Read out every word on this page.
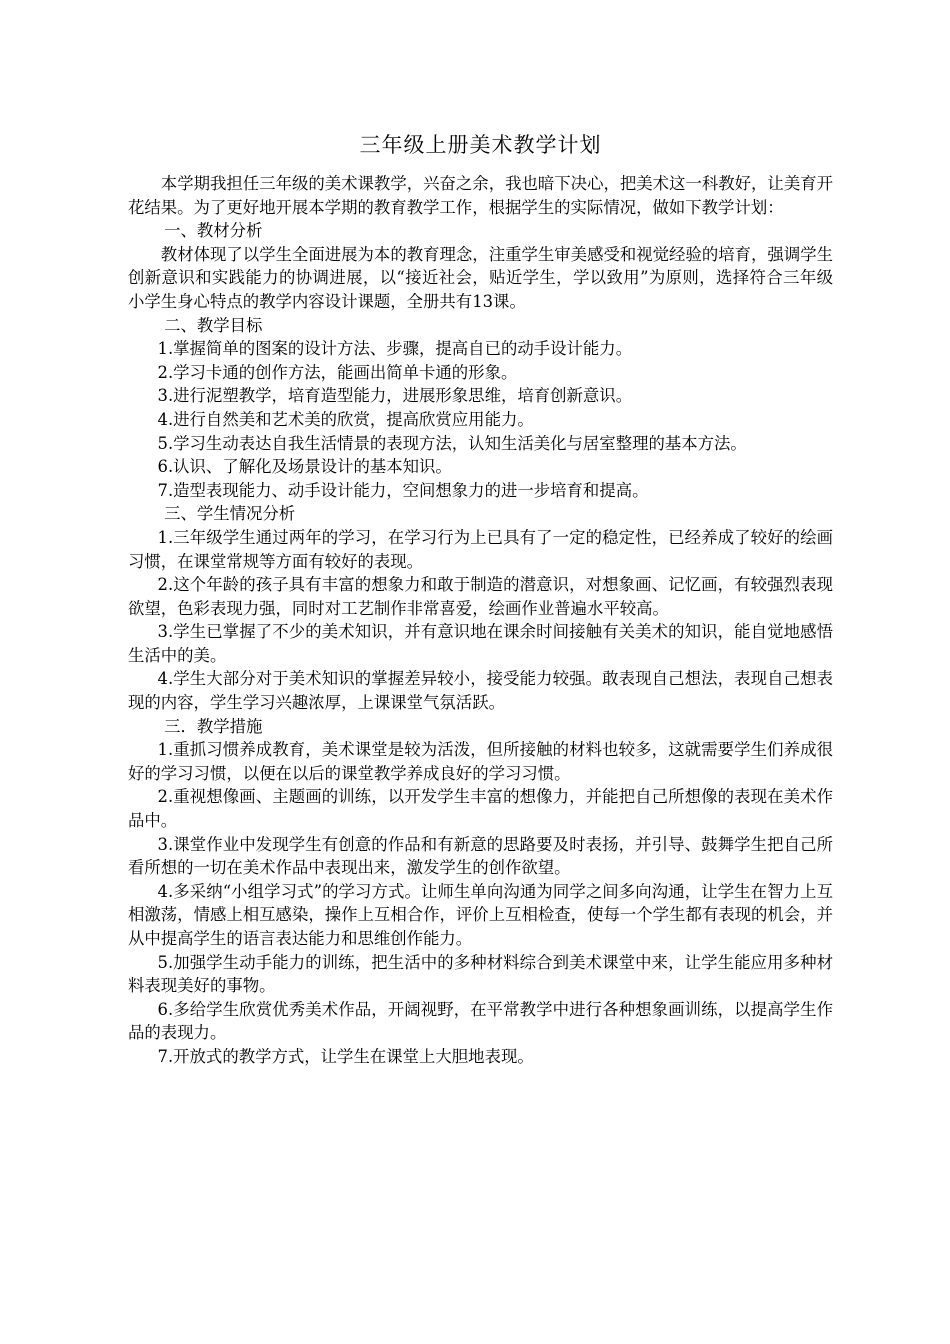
三年级上册美术教学计划

本学期我担任三年级的美术课教学，兴奋之余，我也暗下决心，把美术这一科教好，让美育开花结果。为了更好地开展本学期的教育教学工作，根据学生的实际情况，做如下教学计划：

一、教材分析

教材体现了以学生全面进展为本的教育理念，注重学生审美感受和视觉经验的培育，强调学生创新意识和实践能力的协调进展，以“接近社会，贴近学生，学以致用”为原则，选择符合三年级小学生身心特点的教学内容设计课题，全册共有13课。

二、教学目标

1.掌握简单的图案的设计方法、步骤，提高自已的动手设计能力。

2.学习卡通的创作方法，能画出简单卡通的形象。

3.进行泥塑教学，培育造型能力，进展形象思维，培育创新意识。

4.进行自然美和艺术美的欣赏，提高欣赏应用能力。

5.学习生动表达自我生活情景的表现方法，认知生活美化与居室整理的基本方法。

6.认识、了解化及场景设计的基本知识。

7.造型表现能力、动手设计能力，空间想象力的进一步培育和提高。

三、学生情况分析

1.三年级学生通过两年的学习，在学习行为上已具有了一定的稳定性，已经养成了较好的绘画习惯，在课堂常规等方面有较好的表现。

2.这个年龄的孩子具有丰富的想象力和敢于制造的潜意识，对想象画、记忆画，有较强烈表现欲望，色彩表现力强，同时对工艺制作非常喜爱，绘画作业普遍水平较高。

3.学生已掌握了不少的美术知识，并有意识地在课余时间接触有关美术的知识，能自觉地感悟生活中的美。

4.学生大部分对于美术知识的掌握差异较小，接受能力较强。敢表现自己想法，表现自己想表现的内容，学生学习兴趣浓厚，上课课堂气氛活跃。

三．教学措施

1.重抓习惯养成教育，美术课堂是较为活泼，但所接触的材料也较多，这就需要学生们养成很好的学习习惯，以便在以后的课堂教学养成良好的学习习惯。

2.重视想像画、主题画的训练，以开发学生丰富的想像力，并能把自己所想像的表现在美术作品中。

3.课堂作业中发现学生有创意的作品和有新意的思路要及时表扬，并引导、鼓舞学生把自己所看所想的一切在美术作品中表现出来，激发学生的创作欲望。

4.多采纳“小组学习式”的学习方式。让师生单向沟通为同学之间多向沟通，让学生在智力上互相激荡，情感上相互感染，操作上互相合作，评价上互相检查，使每一个学生都有表现的机会，并从中提高学生的语言表达能力和思维创作能力。

5.加强学生动手能力的训练，把生活中的多种材料综合到美术课堂中来，让学生能应用多种材料表现美好的事物。

6.多给学生欣赏优秀美术作品，开阔视野，在平常教学中进行各种想象画训练，以提高学生作品的表现力。

7.开放式的教学方式，让学生在课堂上大胆地表现。
